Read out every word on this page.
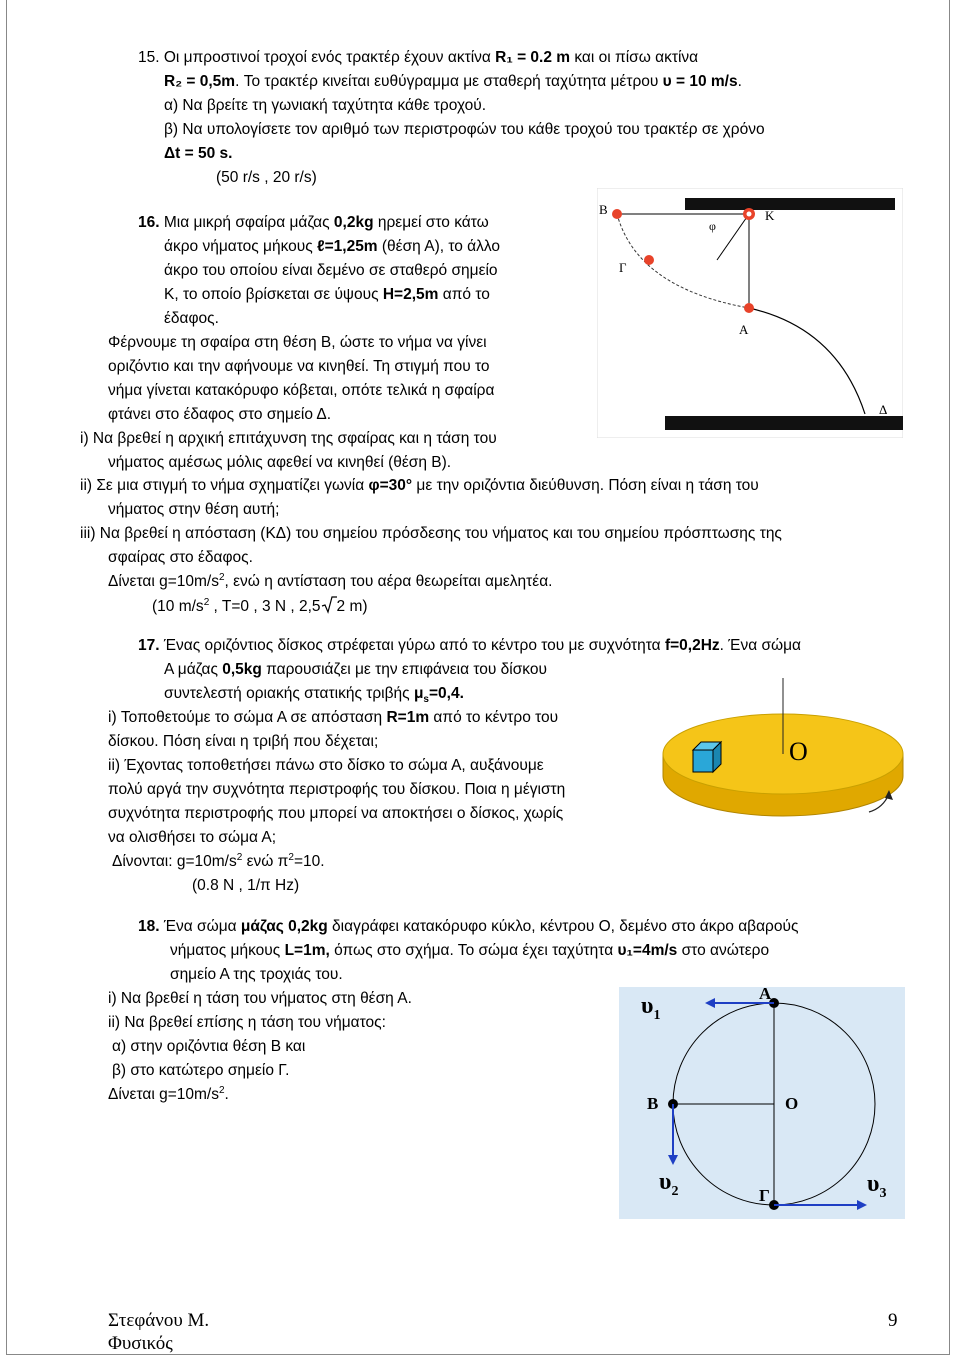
15. Οι μπροστινοί τροχοί ενός τρακτέρ έχουν ακτίνα R₁ = 0.2 m και οι πίσω ακτίνα
R₂ = 0,5m. Το τρακτέρ κινείται ευθύγραμμα με σταθερή ταχύτητα μέτρου υ = 10 m/s.
α) Να βρείτε τη γωνιακή ταχύτητα κάθε τροχού.
β) Να υπολογίσετε τον αριθμό των περιστροφών του κάθε τροχού του τρακτέρ σε χρόνο
Δt = 50 s.
(50 r/s , 20 r/s)
16. Μια μικρή σφαίρα μάζας 0,2kg ηρεμεί στο κάτω
άκρο νήματος μήκους ℓ=1,25m (θέση Α), το άλλο
άκρο του οποίου είναι δεμένο σε σταθερό σημείο
Κ, το οποίο βρίσκεται σε ύψους Η=2,5m από το
έδαφος.
Φέρνουμε τη σφαίρα στη θέση Β, ώστε το νήμα να γίνει
οριζόντιο και την αφήνουμε να κινηθεί. Τη στιγμή που το
νήμα γίνεται κατακόρυφο κόβεται, οπότε τελικά η σφαίρα
φτάνει στο έδαφος στο σημείο Δ.
i) Να βρεθεί η αρχική επιτάχυνση της σφαίρας και η τάση του
νήματος αμέσως μόλις αφεθεί να κινηθεί (θέση Β).
ii) Σε μια στιγμή το νήμα σχηματίζει γωνία φ=30° με την οριζόντια διεύθυνση. Πόση είναι η τάση του
νήματος στην θέση αυτή;
iii) Να βρεθεί η απόσταση (ΚΔ) του σημείου πρόσδεσης του νήματος και του σημείου πρόσπτωσης της
σφαίρας στο έδαφος.
Δίνεται $g=10m/s^2$, ενώ η αντίσταση του αέρα θεωρείται αμελητέα.
(10 $m/s^2$ , T=0 , 3 N , 2,5 2 m)
B	K
φ
Γ
A
Δ
17. Ένας οριζόντιος δίσκος στρέφεται γύρω από το κέντρο του με συχνότητα f=0,2Hz. Ένα σώμα
Α μάζας 0,5kg παρουσιάζει με την επιφάνεια του δίσκου
συντελεστή οριακής στατικής τριβής $\mu_s=0,4$.
i) Τοποθετούμε το σώμα Α σε απόσταση R=1m από το κέντρο του
δίσκου. Πόση είναι η τριβή που δέχεται;
ii) Έχοντας τοποθετήσει πάνω στο δίσκο το σώμα Α, αυξάνουμε
πολύ αργά την συχνότητα περιστροφής του δίσκου. Ποια η μέγιστη
συχνότητα περιστροφής που μπορεί να αποκτήσει ο δίσκος, χωρίς
να ολισθήσει το σώμα Α;
Δίνονται: $g=10m/s^2$ ενώ $\pi^2=10$.
(0.8 N , 1/π Hz)
O
18. Ένα σώμα μάζας 0,2kg διαγράφει κατακόρυφο κύκλο, κέντρου Ο, δεμένο στο άκρο αβαρούς
νήματος μήκους L=1m, όπως στο σχήμα. Το σώμα έχει ταχύτητα υ₁=4m/s στο ανώτερο
σημείο Α της τροχιάς του.
i) Να βρεθεί η τάση του νήματος στη θέση Α.
ii) Να βρεθεί επίσης η τάση του νήματος:
α) στην οριζόντια θέση Β και
β) στο κατώτερο σημείο Γ.
Δίνεται $g=10m/s^2$.
$\upsilon_1$
A
B	O
$\upsilon_2$	$\upsilon_3$
Γ
Στεφάνου Μ.
Φυσικός
9
